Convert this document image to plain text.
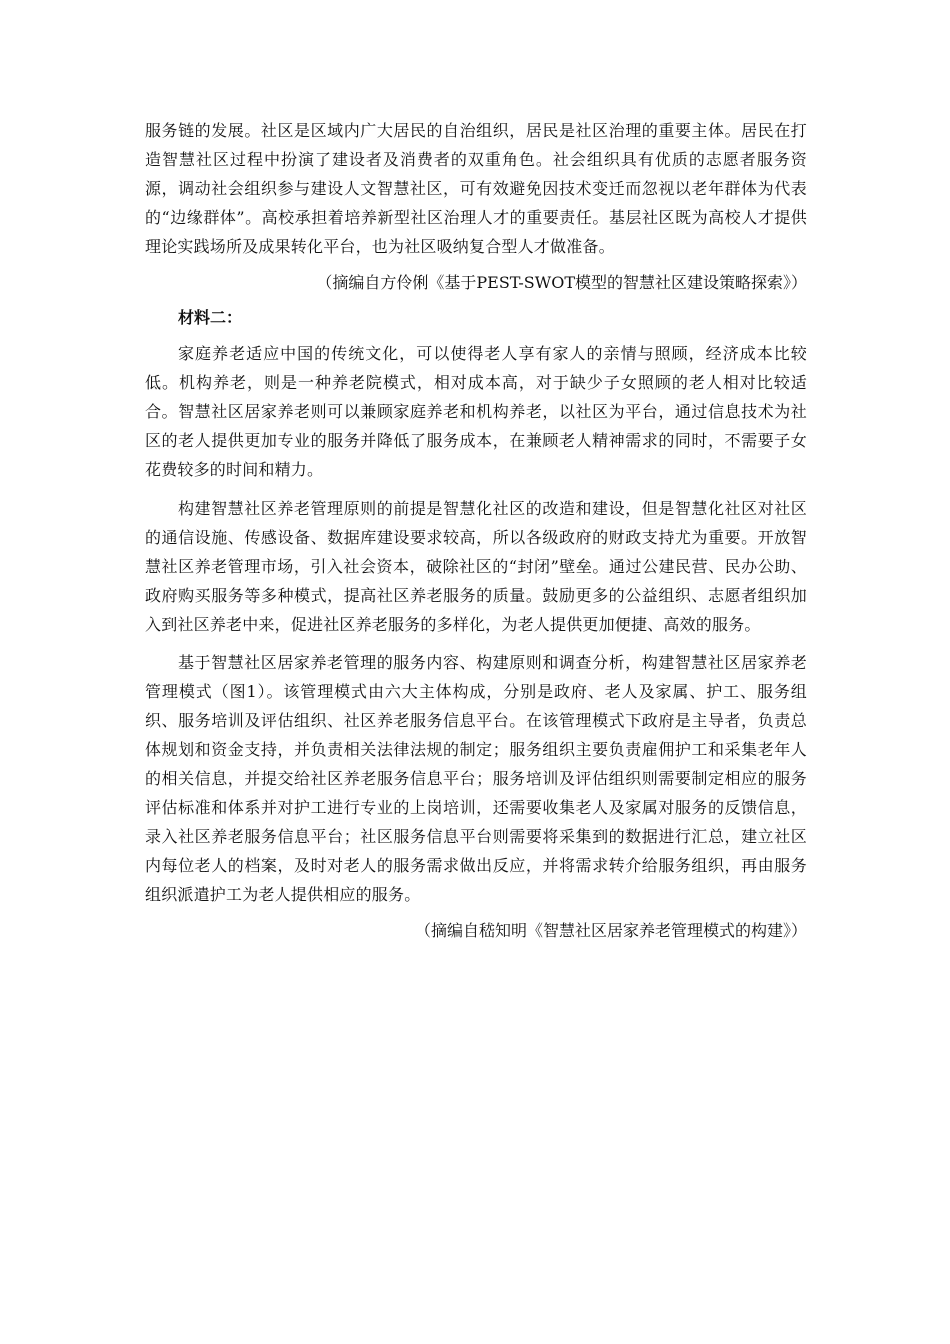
服务链的发展。社区是区域内广大居民的自治组织，居民是社区治理的重要主体。居民在打造智慧社区过程中扮演了建设者及消费者的双重角色。社会组织具有优质的志愿者服务资源，调动社会组织参与建设人文智慧社区，可有效避免因技术变迁而忽视以老年群体为代表的“边缘群体”。高校承担着培养新型社区治理人才的重要责任。基层社区既为高校人才提供理论实践场所及成果转化平台，也为社区吸纳复合型人才做准备。

（摘编自方伶俐《基于PEST-SWOT模型的智慧社区建设策略探索》）

材料二：

家庭养老适应中国的传统文化，可以使得老人享有家人的亲情与照顾，经济成本比较低。机构养老，则是一种养老院模式，相对成本高，对于缺少子女照顾的老人相对比较适合。智慧社区居家养老则可以兼顾家庭养老和机构养老，以社区为平台，通过信息技术为社区的老人提供更加专业的服务并降低了服务成本，在兼顾老人精神需求的同时，不需要子女花费较多的时间和精力。

构建智慧社区养老管理原则的前提是智慧化社区的改造和建设，但是智慧化社区对社区的通信设施、传感设备、数据库建设要求较高，所以各级政府的财政支持尤为重要。开放智慧社区养老管理市场，引入社会资本，破除社区的“封闭”壁垒。通过公建民营、民办公助、政府购买服务等多种模式，提高社区养老服务的质量。鼓励更多的公益组织、志愿者组织加入到社区养老中来，促进社区养老服务的多样化，为老人提供更加便捷、高效的服务。

基于智慧社区居家养老管理的服务内容、构建原则和调查分析，构建智慧社区居家养老管理模式（图1）。该管理模式由六大主体构成，分别是政府、老人及家属、护工、服务组织、服务培训及评估组织、社区养老服务信息平台。在该管理模式下政府是主导者，负责总体规划和资金支持，并负责相关法律法规的制定；服务组织主要负责雇佣护工和采集老年人的相关信息，并提交给社区养老服务信息平台；服务培训及评估组织则需要制定相应的服务评估标准和体系并对护工进行专业的上岗培训，还需要收集老人及家属对服务的反馈信息，录入社区养老服务信息平台；社区服务信息平台则需要将采集到的数据进行汇总，建立社区内每位老人的档案，及时对老人的服务需求做出反应，并将需求转介给服务组织，再由服务组织派遣护工为老人提供相应的服务。

（摘编自嵇知明《智慧社区居家养老管理模式的构建》）
